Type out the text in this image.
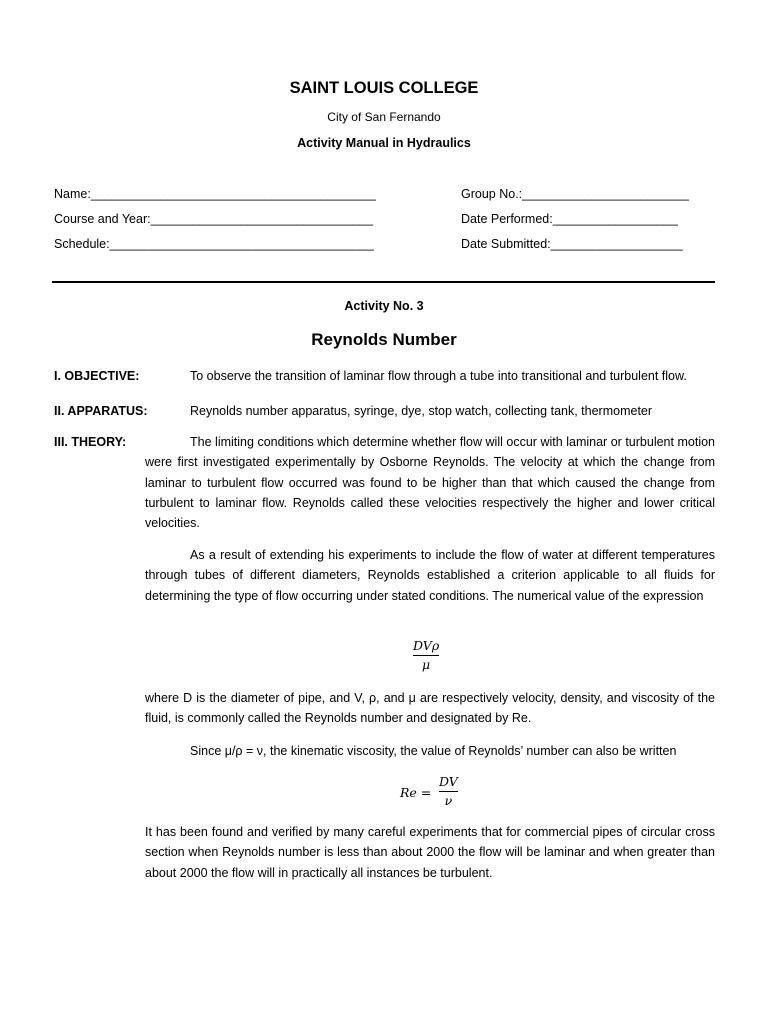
SAINT LOUIS COLLEGE
City of San Fernando
Activity Manual in Hydraulics
Name:_________________________________________	Group No.:________________________
Course and Year:________________________________	Date Performed:__________________
Schedule:______________________________________	Date Submitted:___________________
Activity No. 3
Reynolds Number
I. OBJECTIVE:	To observe the transition of laminar flow through a tube into transitional and turbulent flow.
II. APPARATUS:	Reynolds number apparatus, syringe, dye, stop watch, collecting tank, thermometer
III. THEORY:	The limiting conditions which determine whether flow will occur with laminar or turbulent motion were first investigated experimentally by Osborne Reynolds. The velocity at which the change from laminar to turbulent flow occurred was found to be higher than that which caused the change from turbulent to laminar flow. Reynolds called these velocities respectively the higher and lower critical velocities.
As a result of extending his experiments to include the flow of water at different temperatures through tubes of different diameters, Reynolds established a criterion applicable to all fluids for determining the type of flow occurring under stated conditions. The numerical value of the expression
DVρ
μ
where D is the diameter of pipe, and V, ρ, and μ are respectively velocity, density, and viscosity of the fluid, is commonly called the Reynolds number and designated by Re.
Since μ/ρ = ν, the kinematic viscosity, the value of Reynolds’ number can also be written
Re =
DV
ν
It has been found and verified by many careful experiments that for commercial pipes of circular cross section when Reynolds number is less than about 2000 the flow will be laminar and when greater than about 2000 the flow will in practically all instances be turbulent.
